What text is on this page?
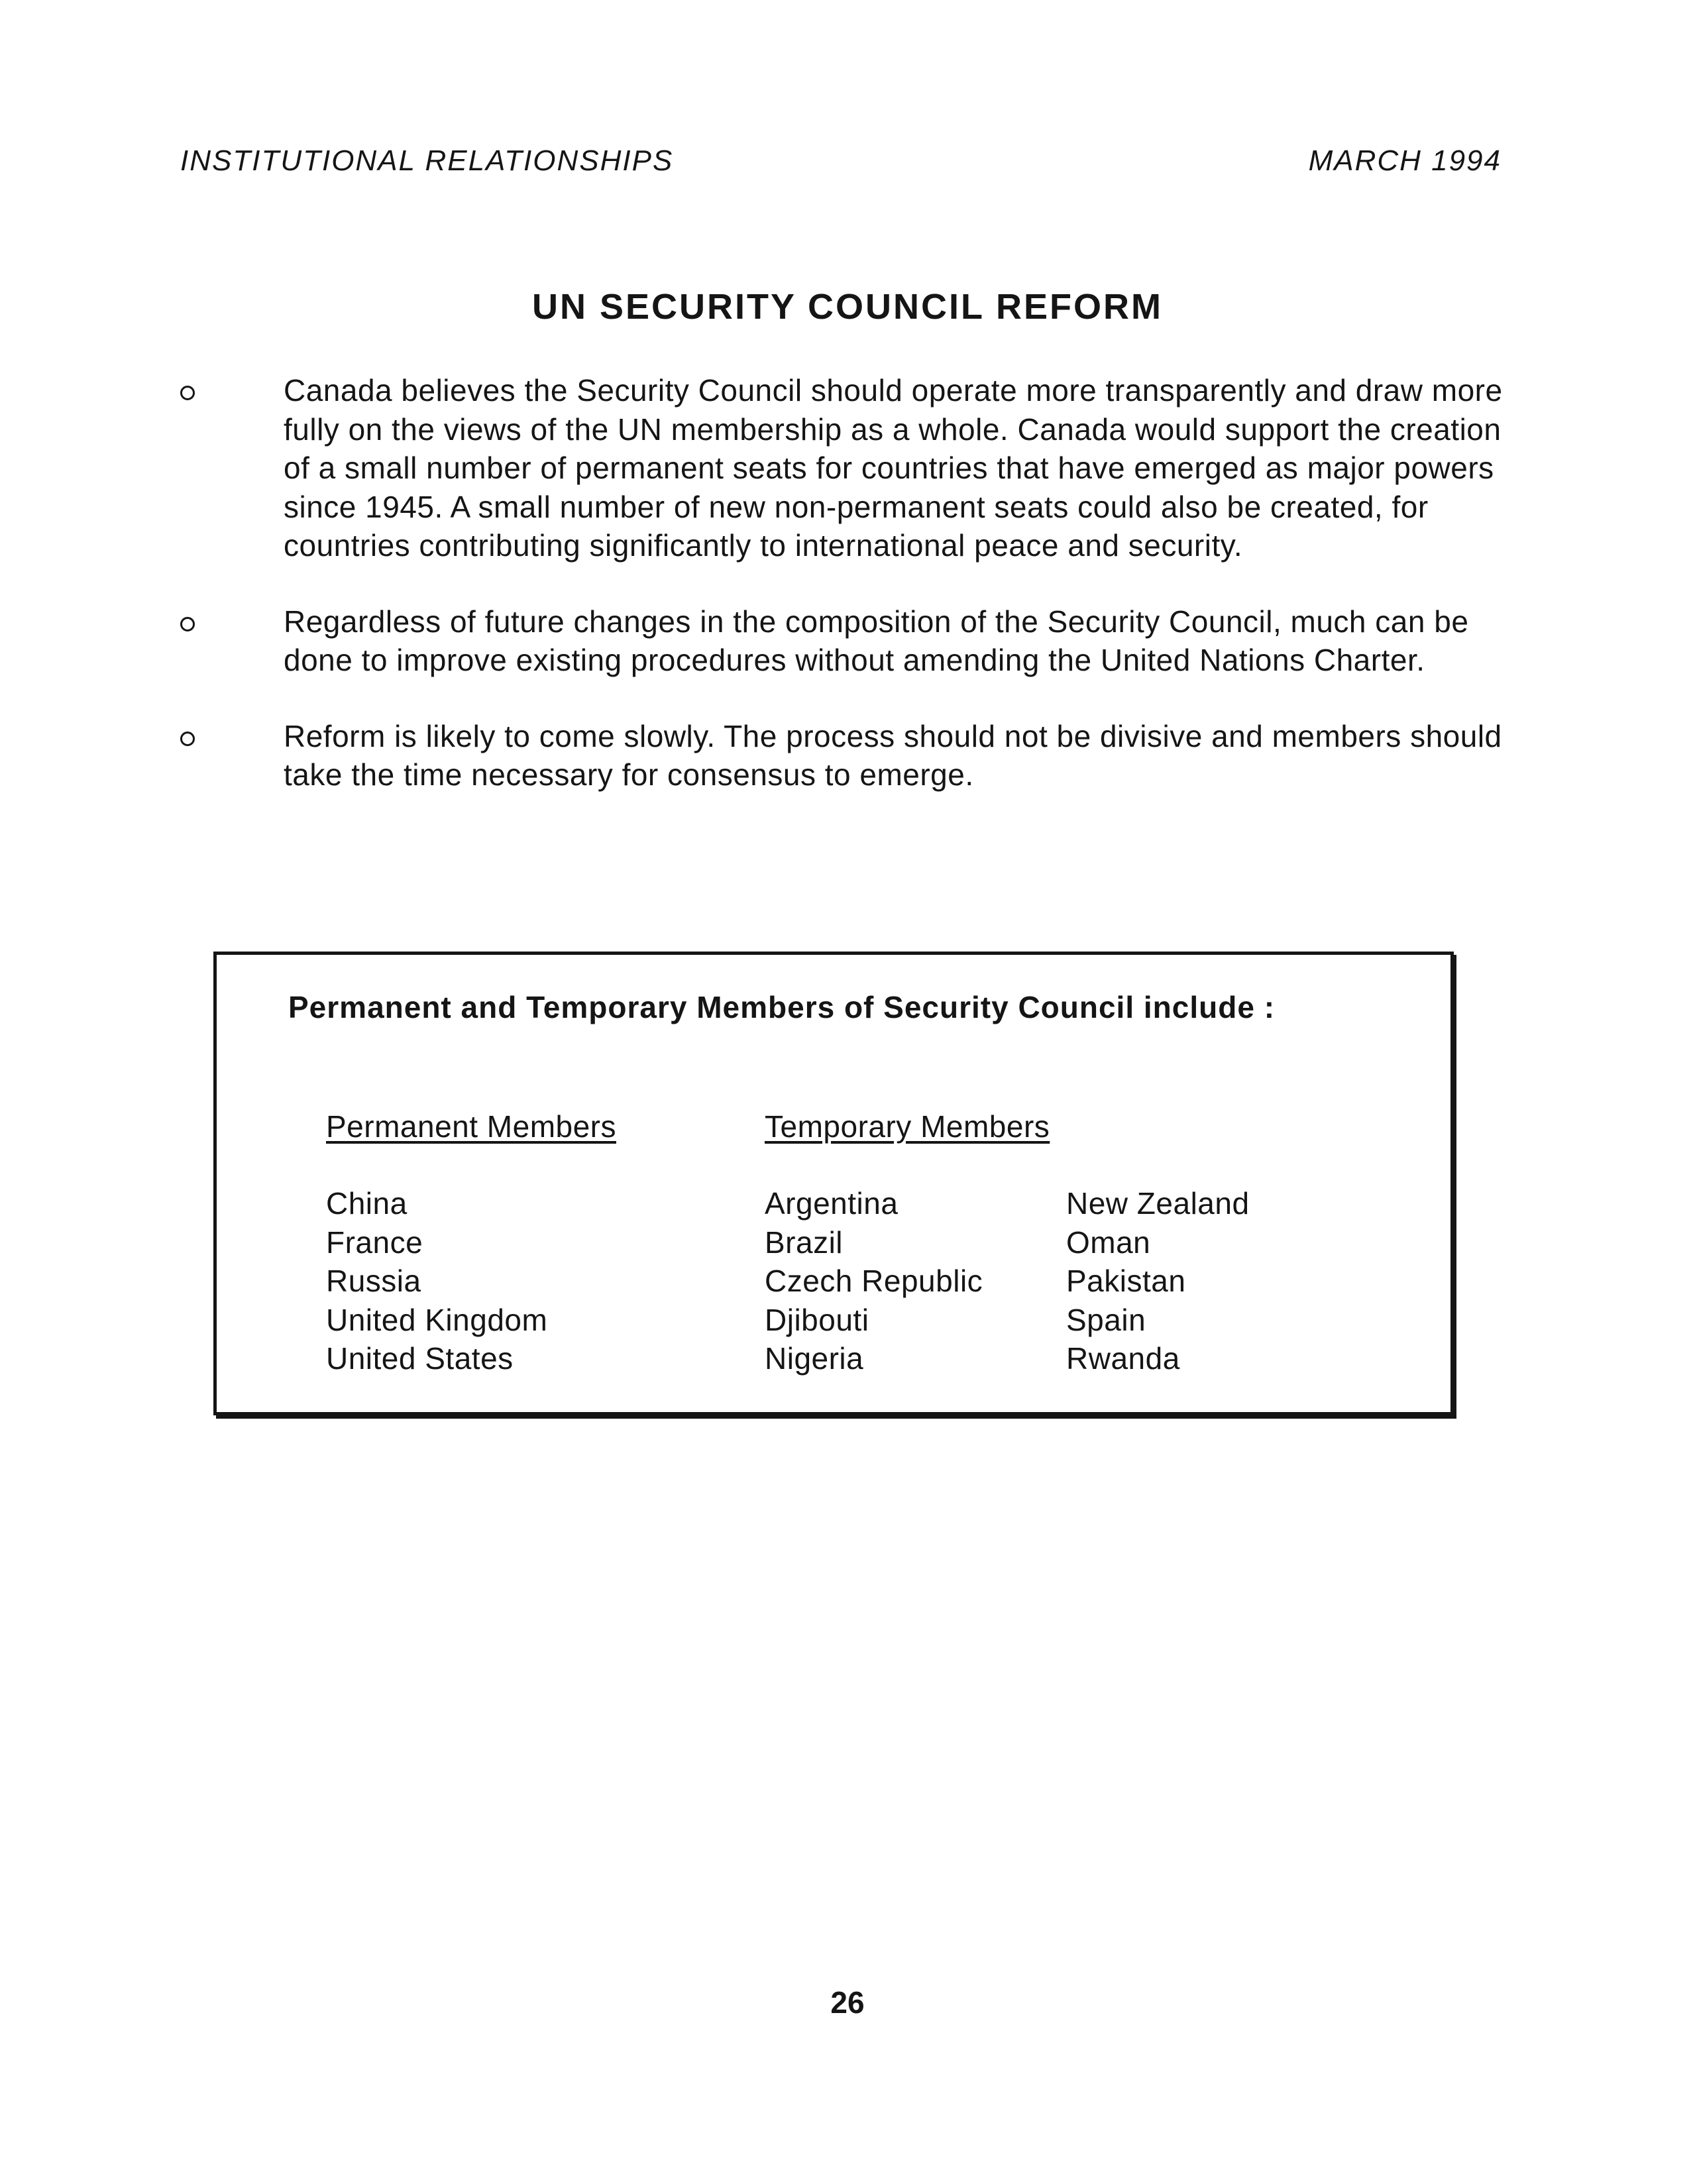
INSTITUTIONAL RELATIONSHIPS	MARCH 1994
UN SECURITY COUNCIL REFORM
Canada believes the Security Council should operate more transparently and draw more fully on the views of the UN membership as a whole. Canada would support the creation of a small number of permanent seats for countries that have emerged as major powers since 1945. A small number of new non-permanent seats could also be created, for countries contributing significantly to international peace and security.
Regardless of future changes in the composition of the Security Council, much can be done to improve existing procedures without amending the United Nations Charter.
Reform is likely to come slowly. The process should not be divisive and members should take the time necessary for consensus to emerge.
Permanent and Temporary Members of Security Council include :
Permanent Members
China
France
Russia
United Kingdom
United States
Temporary Members
Argentina
Brazil
Czech Republic
Djibouti
Nigeria
New Zealand
Oman
Pakistan
Spain
Rwanda
26
